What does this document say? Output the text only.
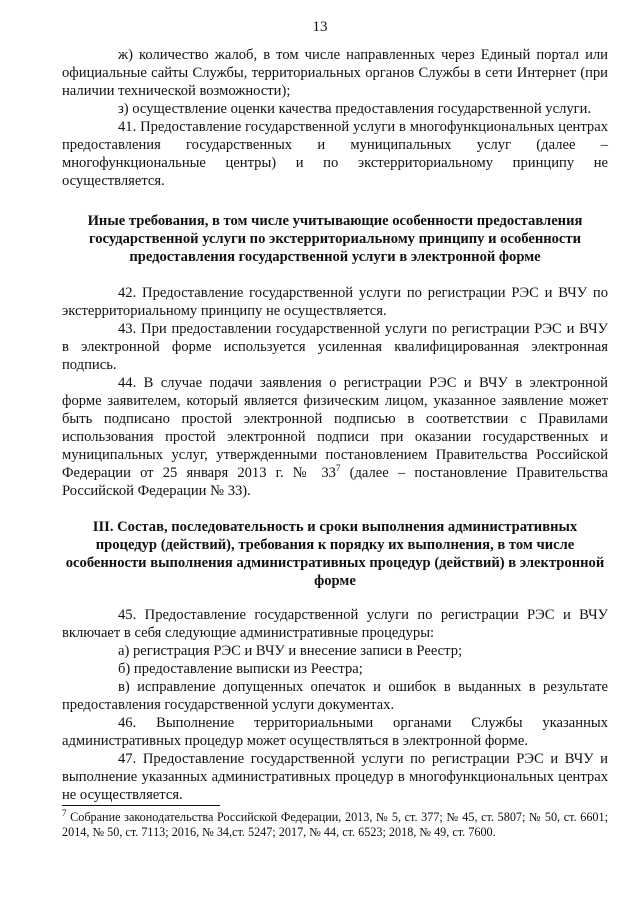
13

ж) количество жалоб, в том числе направленных через Единый портал или официальные сайты Службы, территориальных органов Службы в сети Интернет (при наличии технической возможности);

з) осуществление оценки качества предоставления государственной услуги.

41. Предоставление государственной услуги в многофункциональных центрах предоставления государственных и муниципальных услуг (далее – многофункциональные центры) и по экстерриториальному принципу не осуществляется.

Иные требования, в том числе учитывающие особенности предоставления государственной услуги по экстерриториальному принципу и особенности предоставления государственной услуги в электронной форме

42. Предоставление государственной услуги по регистрации РЭС и ВЧУ по экстерриториальному принципу не осуществляется.

43. При предоставлении государственной услуги по регистрации РЭС и ВЧУ в электронной форме используется усиленная квалифицированная электронная подпись.

44. В случае подачи заявления о регистрации РЭС и ВЧУ в электронной форме заявителем, который является физическим лицом, указанное заявление может быть подписано простой электронной подписью в соответствии с Правилами использования простой электронной подписи при оказании государственных и муниципальных услуг, утвержденными постановлением Правительства Российской Федерации от 25 января 2013 г. № $33^7$ (далее – постановление Правительства Российской Федерации № 33).

III. Состав, последовательность и сроки выполнения административных процедур (действий), требования к порядку их выполнения, в том числе особенности выполнения административных процедур (действий) в электронной форме

45. Предоставление государственной услуги по регистрации РЭС и ВЧУ включает в себя следующие административные процедуры:

а) регистрация РЭС и ВЧУ и внесение записи в Реестр;

б) предоставление выписки из Реестра;

в) исправление допущенных опечаток и ошибок в выданных в результате предоставления государственной услуги документах.

46. Выполнение территориальными органами Службы указанных административных процедур может осуществляться в электронной форме.

47. Предоставление государственной услуги по регистрации РЭС и ВЧУ и выполнение указанных административных процедур в многофункциональных центрах не осуществляется.

$^7$ Собрание законодательства Российской Федерации, 2013, № 5, ст. 377; № 45, ст. 5807; № 50, ст. 6601; 2014, № 50, ст. 7113; 2016, № 34,ст. 5247; 2017, № 44, ст. 6523; 2018, № 49, ст. 7600.
